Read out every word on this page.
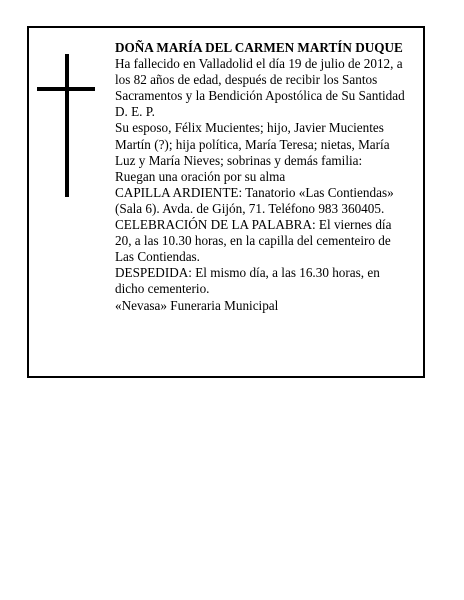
DOÑA MARÍA DEL CARMEN MARTÍN DUQUE

Ha fallecido en Valladolid el día 19 de julio de 2012, a

los 82 años de edad, después de recibir los Santos

Sacramentos y la Bendición Apostólica de Su Santidad

D. E. P.

Su esposo, Félix Mucientes; hijo, Javier Mucientes

Martín (?); hija política, María Teresa; nietas, María

Luz y María Nieves; sobrinas y demás familia:

Ruegan una oración por su alma

CAPILLA ARDIENTE: Tanatorio «Las Contiendas»

(Sala 6). Avda. de Gijón, 71. Teléfono 983 360405.

CELEBRACIÓN DE LA PALABRA: El viernes día

20, a las 10.30 horas, en la capilla del cementeiro de

Las Contiendas.

DESPEDIDA: El mismo día, a las 16.30 horas, en

dicho cementerio.

«Nevasa» Funeraria Municipal
